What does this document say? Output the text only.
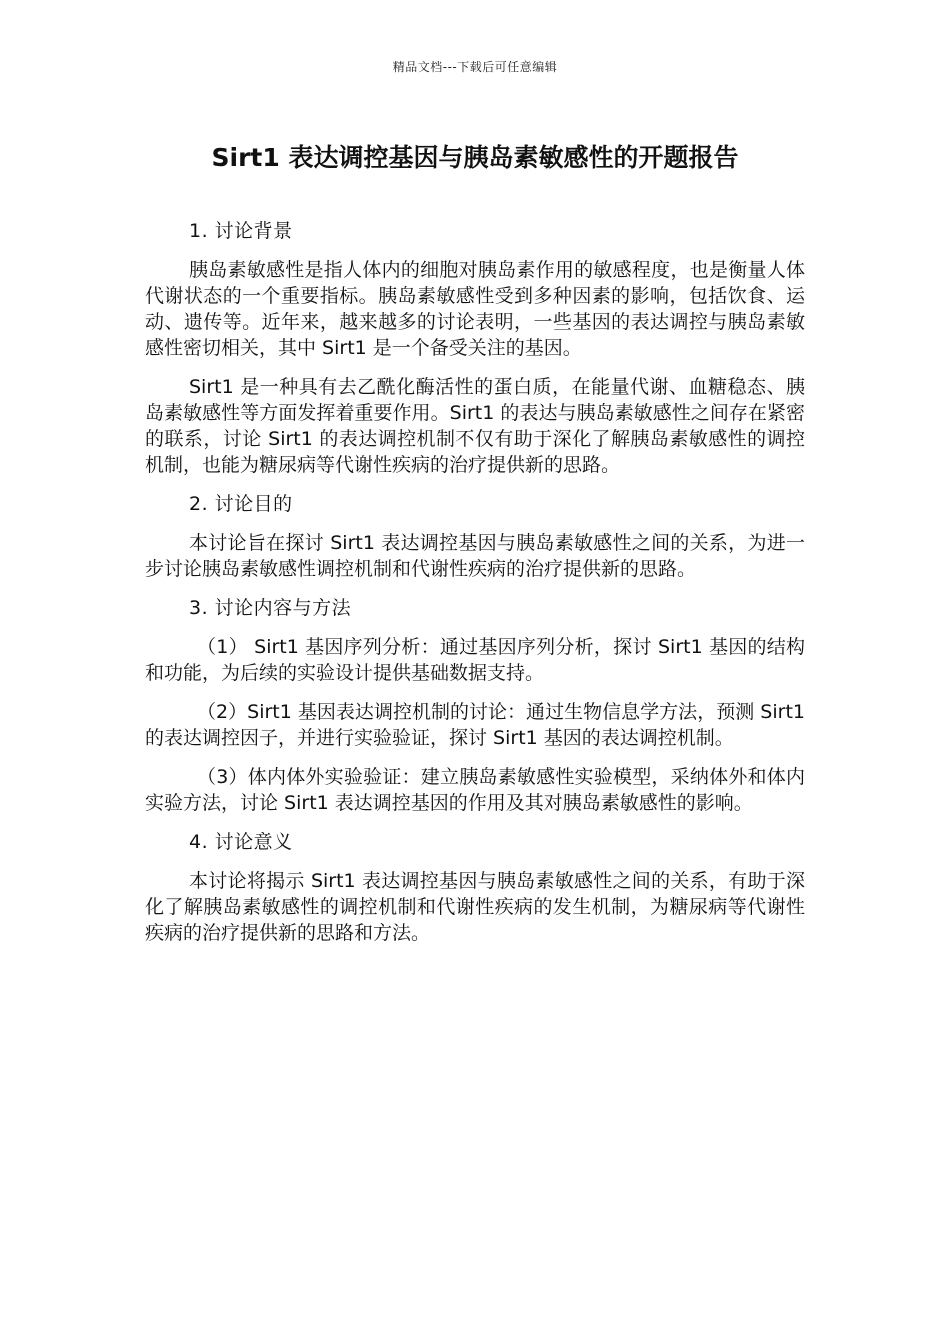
精品文档---下载后可任意编辑
Sirt1 表达调控基因与胰岛素敏感性的开题报告
1. 讨论背景

胰岛素敏感性是指人体内的细胞对胰岛素作用的敏感程度，也是衡量人体代谢状态的一个重要指标。胰岛素敏感性受到多种因素的影响，包括饮食、运动、遗传等。近年来，越来越多的讨论表明，一些基因的表达调控与胰岛素敏感性密切相关，其中 Sirt1 是一个备受关注的基因。

Sirt1 是一种具有去乙酰化酶活性的蛋白质，在能量代谢、血糖稳态、胰岛素敏感性等方面发挥着重要作用。Sirt1 的表达与胰岛素敏感性之间存在紧密的联系，讨论 Sirt1 的表达调控机制不仅有助于深化了解胰岛素敏感性的调控机制，也能为糖尿病等代谢性疾病的治疗提供新的思路。

2. 讨论目的

本讨论旨在探讨 Sirt1 表达调控基因与胰岛素敏感性之间的关系，为进一步讨论胰岛素敏感性调控机制和代谢性疾病的治疗提供新的思路。

3. 讨论内容与方法

（1） Sirt1 基因序列分析：通过基因序列分析，探讨 Sirt1 基因的结构和功能，为后续的实验设计提供基础数据支持。

（2）Sirt1 基因表达调控机制的讨论：通过生物信息学方法，预测 Sirt1 的表达调控因子，并进行实验验证，探讨 Sirt1 基因的表达调控机制。

（3）体内体外实验验证：建立胰岛素敏感性实验模型，采纳体外和体内实验方法，讨论 Sirt1 表达调控基因的作用及其对胰岛素敏感性的影响。

4. 讨论意义

本讨论将揭示 Sirt1 表达调控基因与胰岛素敏感性之间的关系，有助于深化了解胰岛素敏感性的调控机制和代谢性疾病的发生机制，为糖尿病等代谢性疾病的治疗提供新的思路和方法。
